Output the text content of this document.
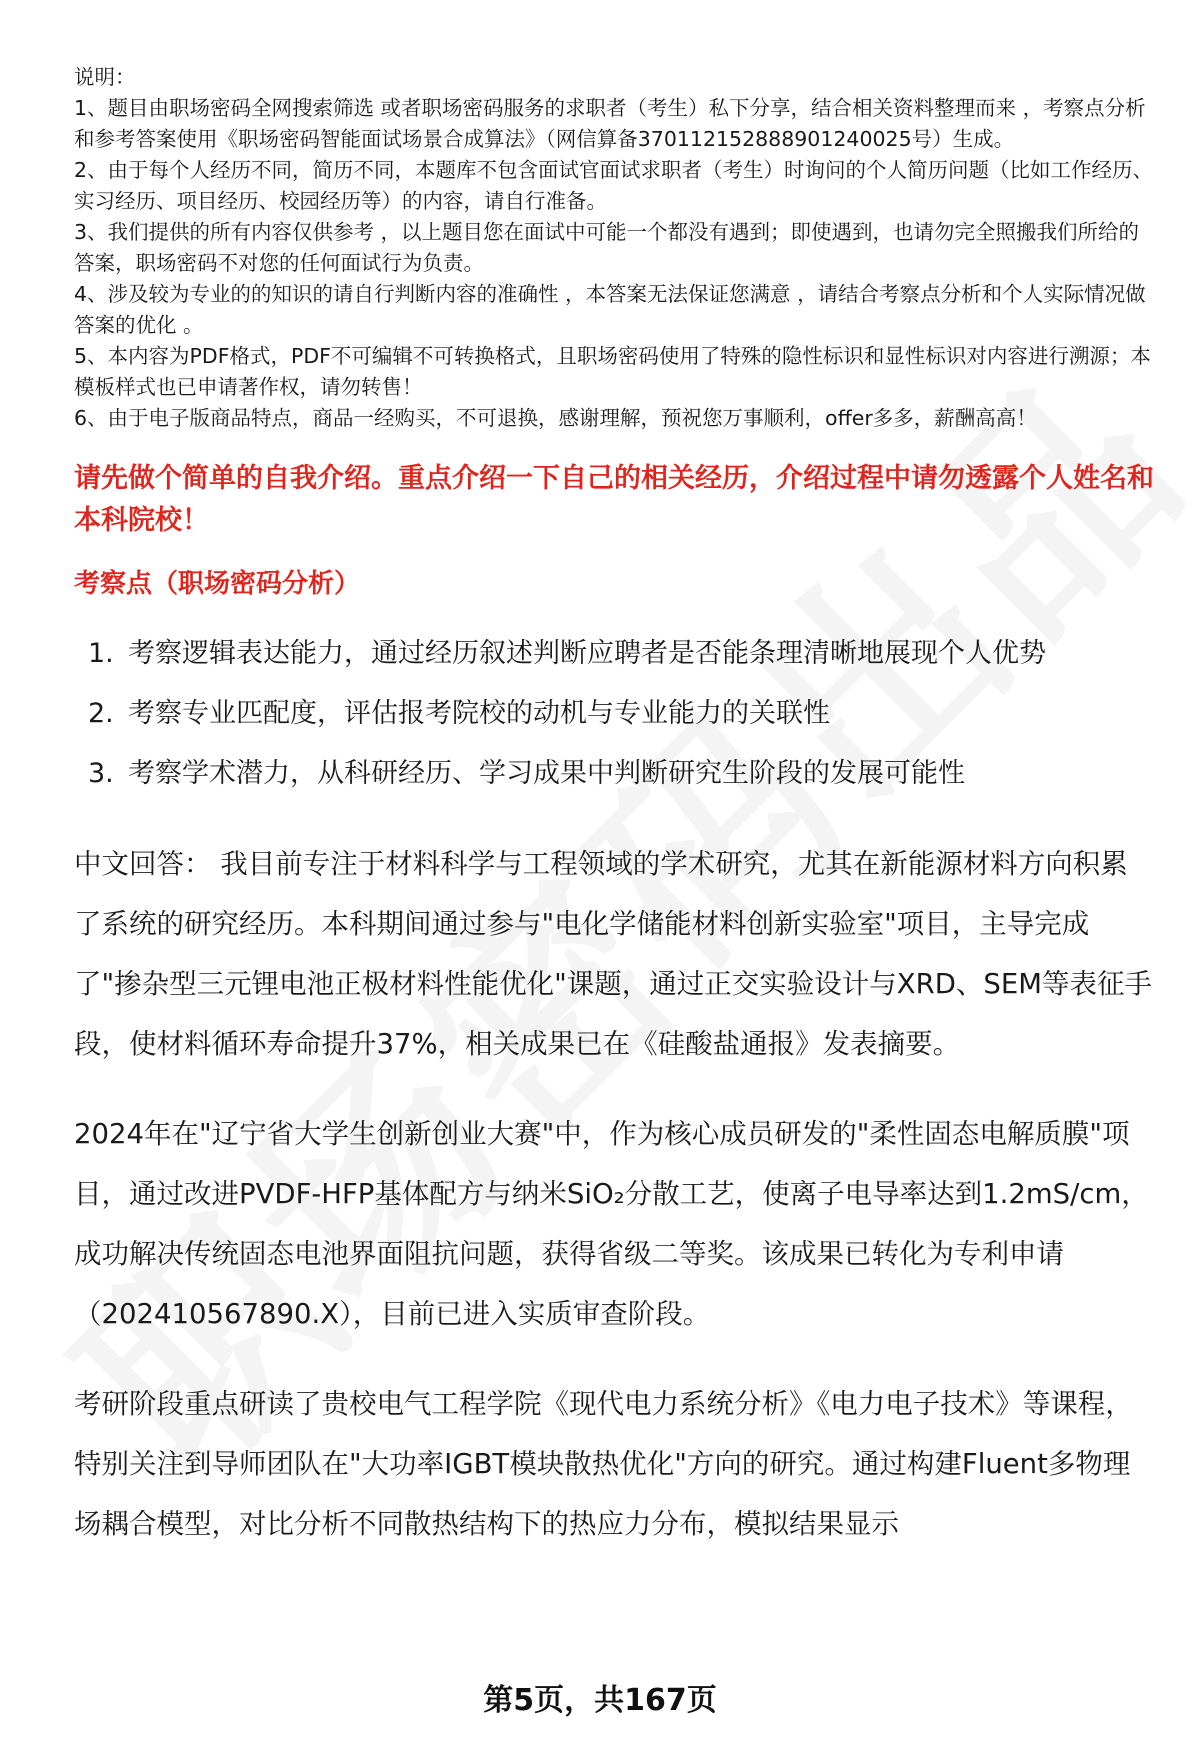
说明：

1、题目由职场密码全网搜索筛选 或者职场密码服务的求职者（考生）私下分享，结合相关资料整理而来 ，考察点分析和参考答案使用《职场密码智能面试场景合成算法》（网信算备370112152888901240025号）生成。

2、由于每个人经历不同，简历不同，本题库不包含面试官面试求职者（考生）时询问的个人简历问题（比如工作经历、实习经历、项目经历、校园经历等）的内容，请自行准备。

3、我们提供的所有内容仅供参考 ，以上题目您在面试中可能一个都没有遇到；即使遇到，也请勿完全照搬我们所给的答案，职场密码不对您的任何面试行为负责。

4、涉及较为专业的的知识的请自行判断内容的准确性 ，本答案无法保证您满意 ，请结合考察点分析和个人实际情况做答案的优化 。

5、本内容为PDF格式，PDF不可编辑不可转换格式，且职场密码使用了特殊的隐性标识和显性标识对内容进行溯源；本模板样式也已申请著作权，请勿转售！

6、由于电子版商品特点，商品一经购买，不可退换，感谢理解，预祝您万事顺利，offer多多，薪酬高高！

请先做个简单的自我介绍。重点介绍一下自己的相关经历，介绍过程中请勿透露个人姓名和本科院校！
考察点（职场密码分析）
1. 考察逻辑表达能力，通过经历叙述判断应聘者是否能条理清晰地展现个人优势
2. 考察专业匹配度，评估报考院校的动机与专业能力的关联性
3. 考察学术潜力，从科研经历、学习成果中判断研究生阶段的发展可能性

中文回答： 我目前专注于材料科学与工程领域的学术研究，尤其在新能源材料方向积累了系统的研究经历。本科期间通过参与"电化学储能材料创新实验室"项目，主导完成了"掺杂型三元锂电池正极材料性能优化"课题，通过正交实验设计与XRD、SEM等表征手段，使材料循环寿命提升37%，相关成果已在《硅酸盐通报》发表摘要。

2024年在"辽宁省大学生创新创业大赛"中，作为核心成员研发的"柔性固态电解质膜"项目，通过改进PVDF-HFP基体配方与纳米SiO₂分散工艺，使离子电导率达到1.2mS/cm，成功解决传统固态电池界面阻抗问题，获得省级二等奖。该成果已转化为专利申请（202410567890.X），目前已进入实质审查阶段。

考研阶段重点研读了贵校电气工程学院《现代电力系统分析》《电力电子技术》等课程，特别关注到导师团队在"大功率IGBT模块散热优化"方向的研究。通过构建Fluent多物理场耦合模型，对比分析不同散热结构下的热应力分布，模拟结果显示

第5页，共167页
